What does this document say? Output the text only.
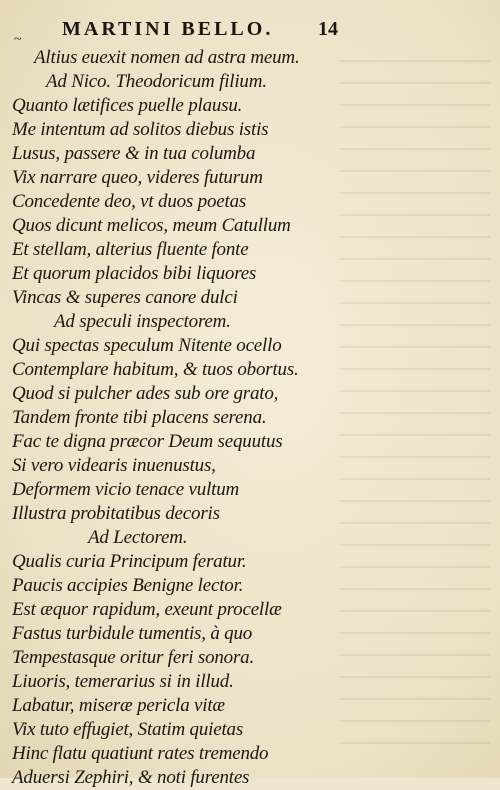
~ MARTINI BELLO. 14
Altius euexit nomen ad astra meum.
Ad Nico. Theodoricum filium.
Quanto lætifices puelle plausu.
Me intentum ad solitos diebus istis
Lusus, passere & in tua columba
Vix narrare queo, videres futurum
Concedente deo, vt duos poetas
Quos dicunt melicos, meum Catullum
Et stellam, alterius fluente fonte
Et quorum placidos bibi liquores
Vincas & superes canore dulci
Ad speculi inspectorem.
Qui spectas speculum Nitente ocello
Contemplare habitum, & tuos obortus.
Quod si pulcher ades sub ore grato,
Tandem fronte tibi placens serena.
Fac te digna præcor Deum sequutus
Si vero videaris inuenustus,
Deformem vicio tenace vultum
Illustra probitatibus decoris
Ad Lectorem.
Qualis curia Principum feratur.
Paucis accipies Benigne lector.
Est æquor rapidum, exeunt procellæ
Fastus turbidule tumentis, à quo
Tempestasque oritur feri sonora.
Liuoris, temerarius si in illud.
Labatur, miseræ pericla vitæ
Vix tuto effugiet, Statim quietas
Hinc flatu quatiunt rates tremendo
Aduersi Zephiri, & noti furentes
